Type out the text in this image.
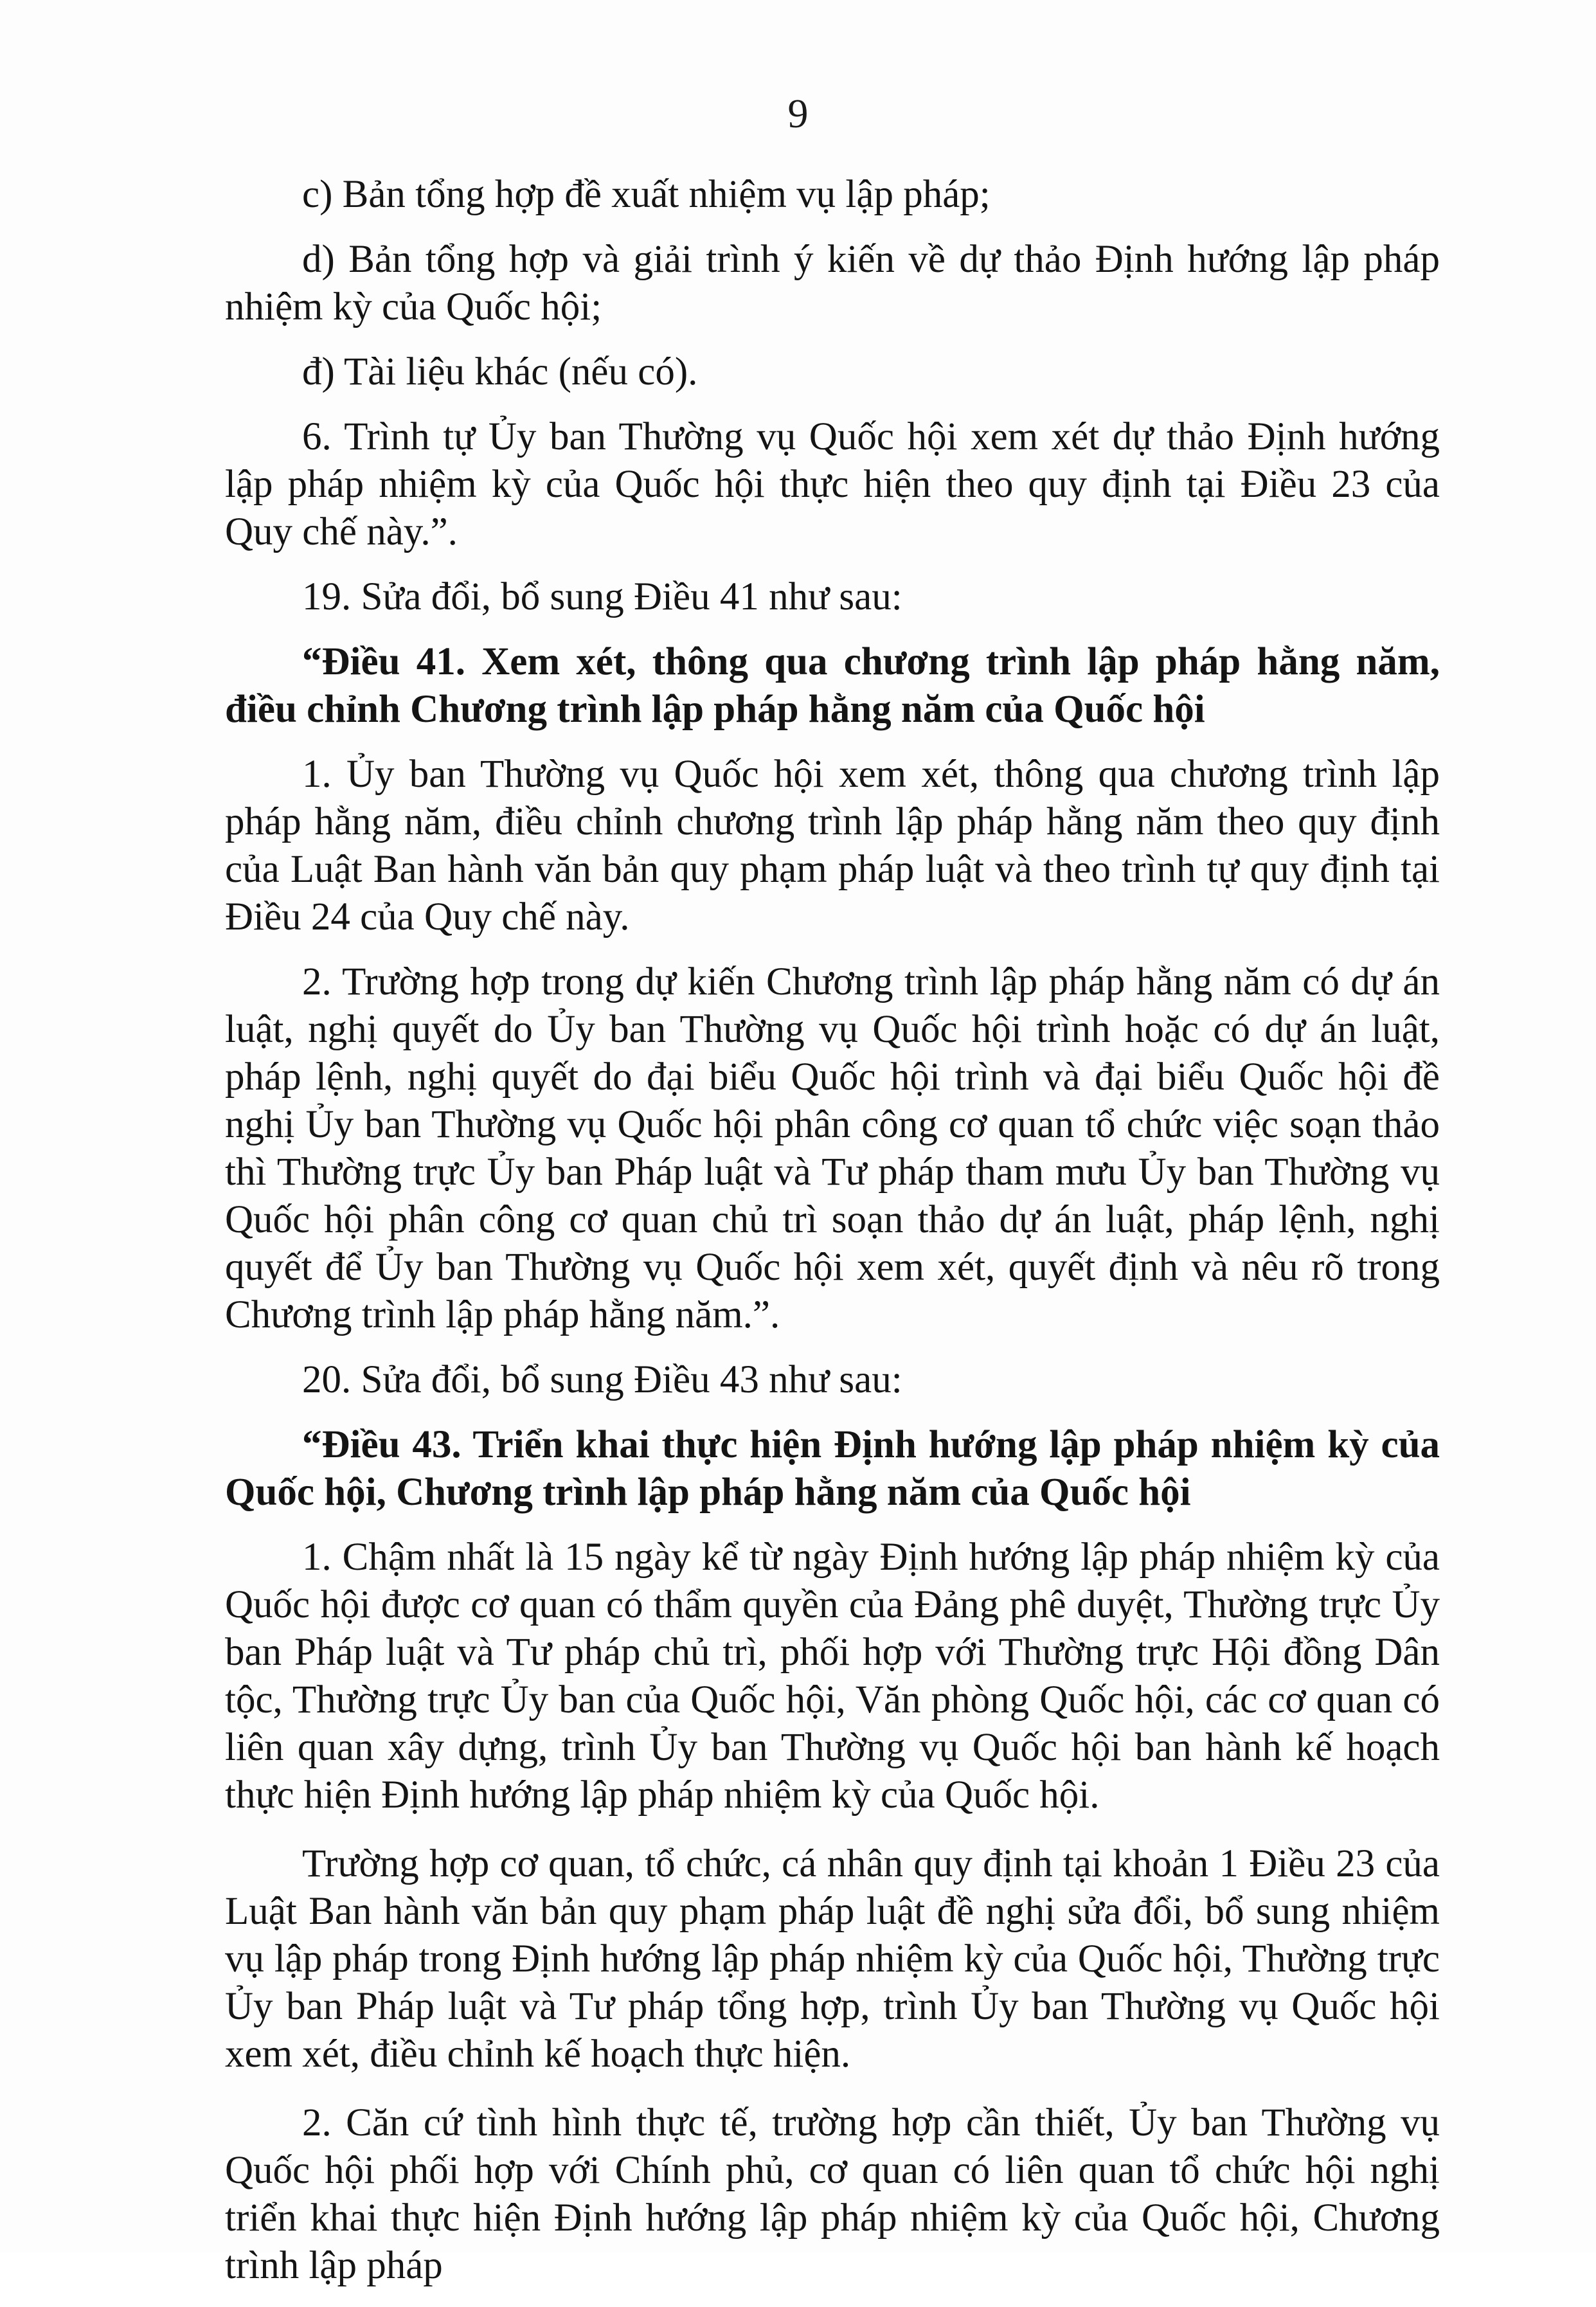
9

c) Bản tổng hợp đề xuất nhiệm vụ lập pháp;

d) Bản tổng hợp và giải trình ý kiến về dự thảo Định hướng lập pháp nhiệm kỳ của Quốc hội;

đ) Tài liệu khác (nếu có).

6. Trình tự Ủy ban Thường vụ Quốc hội xem xét dự thảo Định hướng lập pháp nhiệm kỳ của Quốc hội thực hiện theo quy định tại Điều 23 của Quy chế này.”.

19. Sửa đổi, bổ sung Điều 41 như sau:

“Điều 41. Xem xét, thông qua chương trình lập pháp hằng năm, điều chỉnh Chương trình lập pháp hằng năm của Quốc hội

1. Ủy ban Thường vụ Quốc hội xem xét, thông qua chương trình lập pháp hằng năm, điều chỉnh chương trình lập pháp hằng năm theo quy định của Luật Ban hành văn bản quy phạm pháp luật và theo trình tự quy định tại Điều 24 của Quy chế này.

2. Trường hợp trong dự kiến Chương trình lập pháp hằng năm có dự án luật, nghị quyết do Ủy ban Thường vụ Quốc hội trình hoặc có dự án luật, pháp lệnh, nghị quyết do đại biểu Quốc hội trình và đại biểu Quốc hội đề nghị Ủy ban Thường vụ Quốc hội phân công cơ quan tổ chức việc soạn thảo thì Thường trực Ủy ban Pháp luật và Tư pháp tham mưu Ủy ban Thường vụ Quốc hội phân công cơ quan chủ trì soạn thảo dự án luật, pháp lệnh, nghị quyết để Ủy ban Thường vụ Quốc hội xem xét, quyết định và nêu rõ trong Chương trình lập pháp hằng năm.”.

20. Sửa đổi, bổ sung Điều 43 như sau:

“Điều 43. Triển khai thực hiện Định hướng lập pháp nhiệm kỳ của Quốc hội, Chương trình lập pháp hằng năm của Quốc hội

1. Chậm nhất là 15 ngày kể từ ngày Định hướng lập pháp nhiệm kỳ của Quốc hội được cơ quan có thẩm quyền của Đảng phê duyệt, Thường trực Ủy ban Pháp luật và Tư pháp chủ trì, phối hợp với Thường trực Hội đồng Dân tộc, Thường trực Ủy ban của Quốc hội, Văn phòng Quốc hội, các cơ quan có liên quan xây dựng, trình Ủy ban Thường vụ Quốc hội ban hành kế hoạch thực hiện Định hướng lập pháp nhiệm kỳ của Quốc hội.

Trường hợp cơ quan, tổ chức, cá nhân quy định tại khoản 1 Điều 23 của Luật Ban hành văn bản quy phạm pháp luật đề nghị sửa đổi, bổ sung nhiệm vụ lập pháp trong Định hướng lập pháp nhiệm kỳ của Quốc hội, Thường trực Ủy ban Pháp luật và Tư pháp tổng hợp, trình Ủy ban Thường vụ Quốc hội xem xét, điều chỉnh kế hoạch thực hiện.

2. Căn cứ tình hình thực tế, trường hợp cần thiết, Ủy ban Thường vụ Quốc hội phối hợp với Chính phủ, cơ quan có liên quan tổ chức hội nghị triển khai thực hiện Định hướng lập pháp nhiệm kỳ của Quốc hội, Chương trình lập pháp
